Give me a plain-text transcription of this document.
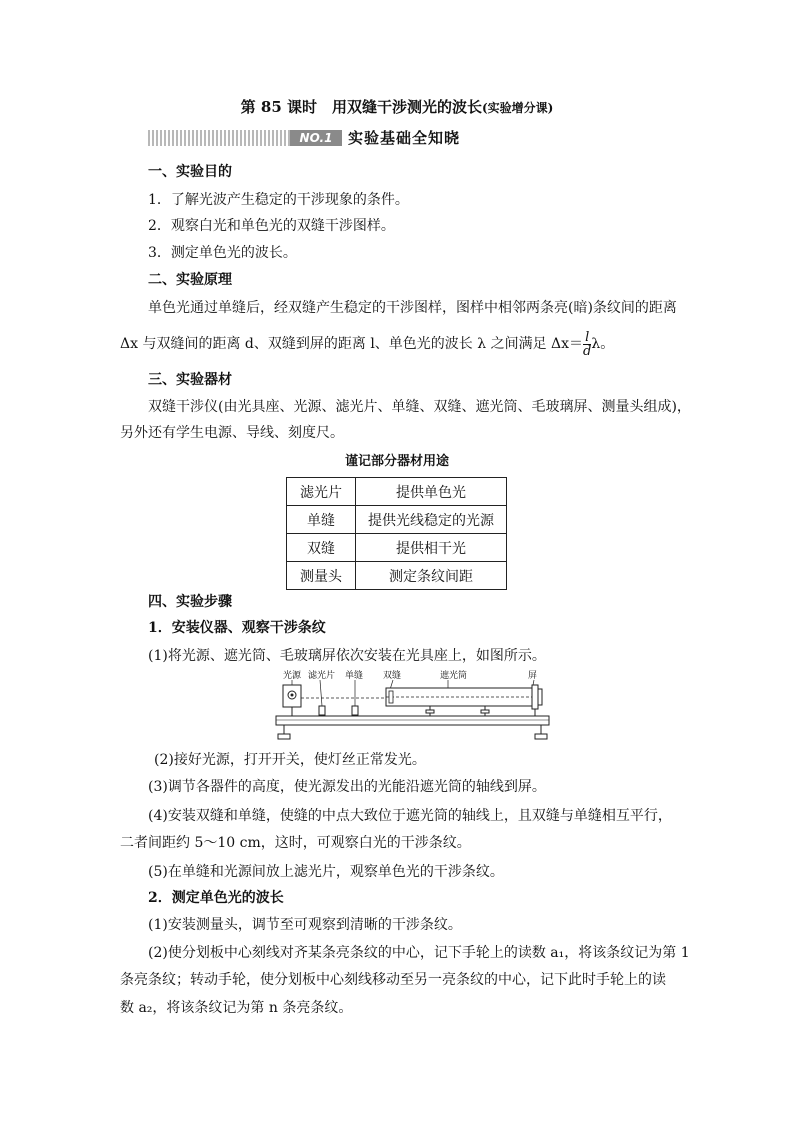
第 85 课时　用双缝干涉测光的波长(实验增分课)
NO.1	实验基础全知晓
一、实验目的
1．了解光波产生稳定的干涉现象的条件。
2．观察白光和单色光的双缝干涉图样。
3．测定单色光的波长。
二、实验原理
单色光通过单缝后，经双缝产生稳定的干涉图样，图样中相邻两条亮(暗)条纹间的距离
Δx 与双缝间的距离 d、双缝到屏的距离 l、单色光的波长 λ 之间满足 $\Delta x= \frac{l}{d}$ λ。
三、实验器材
双缝干涉仪(由光具座、光源、滤光片、单缝、双缝、遮光筒、毛玻璃屏、测量头组成)，
另外还有学生电源、导线、刻度尺。
谨记部分器材用途
滤光片	提供单色光
单缝	提供光线稳定的光源
双缝	提供相干光
测量头	测定条纹间距
四、实验步骤
1．安装仪器、观察干涉条纹
(1)将光源、遮光筒、毛玻璃屏依次安装在光具座上，如图所示。
光源 滤光片 单缝 双缝	遮光筒	屏
(2)接好光源，打开开关，使灯丝正常发光。
(3)调节各器件的高度，使光源发出的光能沿遮光筒的轴线到屏。
(4)安装双缝和单缝，使缝的中点大致位于遮光筒的轴线上，且双缝与单缝相互平行，
二者间距约 5～10 cm，这时，可观察白光的干涉条纹。
(5)在单缝和光源间放上滤光片，观察单色光的干涉条纹。
2．测定单色光的波长
(1)安装测量头，调节至可观察到清晰的干涉条纹。
(2)使分划板中心刻线对齐某条亮条纹的中心，记下手轮上的读数 a₁，将该条纹记为第 1
条亮条纹；转动手轮，使分划板中心刻线移动至另一亮条纹的中心，记下此时手轮上的读
数 a₂，将该条纹记为第 n 条亮条纹。
